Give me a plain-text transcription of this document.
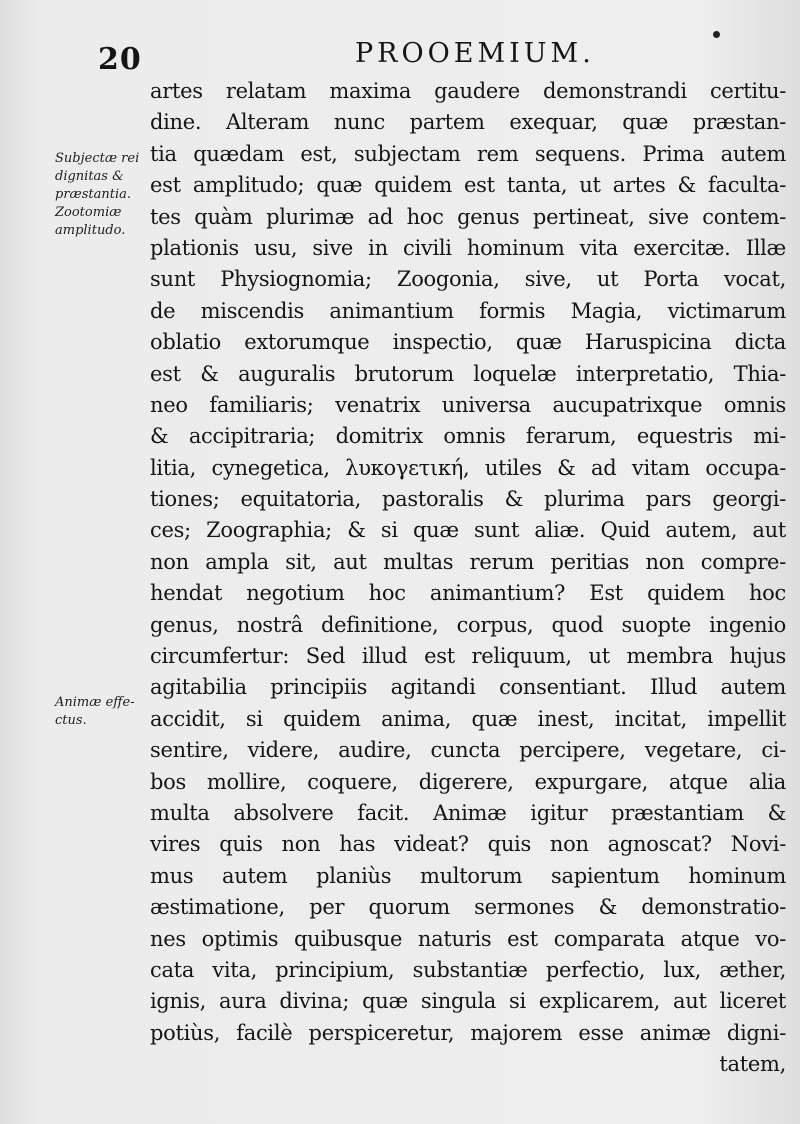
20	PROOEMIUM.
Subjectæ rei
dignitas &
præstantia.
Zootomiæ
amplitudo.
Animæ effe-
ctus.
artes relatam maxima gaudere demonstrandi certitu-
dine. Alteram nunc partem exequar, quæ præstan-
tia quædam est, subjectam rem sequens. Prima autem
est amplitudo; quæ quidem est tanta, ut artes & faculta-
tes quàm plurimæ ad hoc genus pertineat, sive contem-
plationis usu, sive in civili hominum vita exercitæ. Illæ
sunt Physiognomia; Zoogonia, sive, ut Porta vocat,
de miscendis animantium formis Magia, victimarum
oblatio extorumque inspectio, quæ Haruspicina dicta
est & auguralis brutorum loquelæ interpretatio, Thia-
neo familiaris; venatrix universa aucupatrixque omnis
& accipitraria; domitrix omnis ferarum, equestris mi-
litia, cynegetica, λυκογετική, utiles & ad vitam occupa-
tiones; equitatoria, pastoralis & plurima pars georgi-
ces; Zoographia; & si quæ sunt aliæ. Quid autem, aut
non ampla sit, aut multas rerum peritias non compre-
hendat negotium hoc animantium? Est quidem hoc
genus, nostrâ definitione, corpus, quod suopte ingenio
circumfertur: Sed illud est reliquum, ut membra hujus
agitabilia principiis agitandi consentiant. Illud autem
accidit, si quidem anima, quæ inest, incitat, impellit
sentire, videre, audire, cuncta percipere, vegetare, ci-
bos mollire, coquere, digerere, expurgare, atque alia
multa absolvere facit. Animæ igitur præstantiam &
vires quis non has videat? quis non agnoscat? Novi-
mus autem planiùs multorum sapientum hominum
æstimatione, per quorum sermones & demonstratio-
nes optimis quibusque naturis est comparata atque vo-
cata vita, principium, substantiæ perfectio, lux, æther,
ignis, aura divina; quæ singula si explicarem, aut liceret
potiùs, facilè perspiceretur, majorem esse animæ digni-
tatem,
